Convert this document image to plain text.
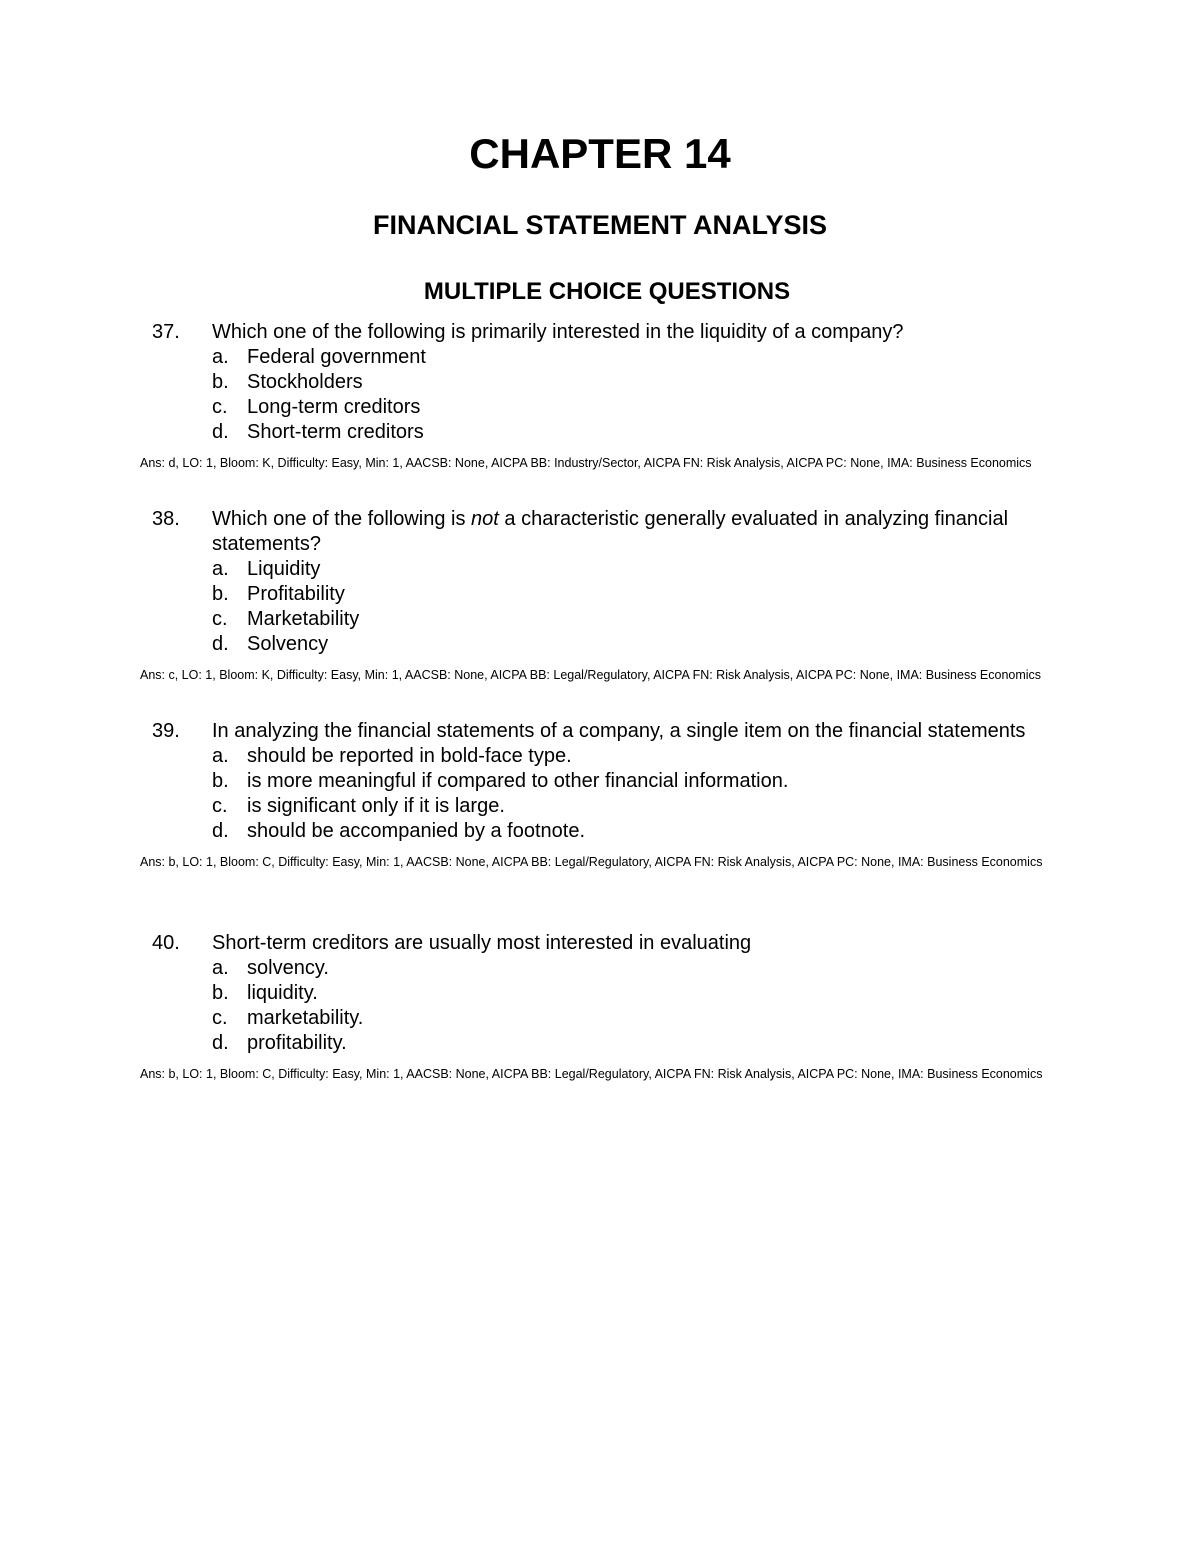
CHAPTER 14
FINANCIAL STATEMENT ANALYSIS
MULTIPLE CHOICE QUESTIONS
37. Which one of the following is primarily interested in the liquidity of a company?
a. Federal government
b. Stockholders
c. Long-term creditors
d. Short-term creditors
Ans: d, LO: 1, Bloom: K, Difficulty: Easy, Min: 1, AACSB: None, AICPA BB: Industry/Sector, AICPA FN: Risk Analysis, AICPA PC: None, IMA: Business Economics
38. Which one of the following is not a characteristic generally evaluated in analyzing financial statements?
a. Liquidity
b. Profitability
c. Marketability
d. Solvency
Ans: c, LO: 1, Bloom: K, Difficulty: Easy, Min: 1, AACSB: None, AICPA BB: Legal/Regulatory, AICPA FN: Risk Analysis, AICPA PC: None, IMA: Business Economics
39. In analyzing the financial statements of a company, a single item on the financial statements
a. should be reported in bold-face type.
b. is more meaningful if compared to other financial information.
c. is significant only if it is large.
d. should be accompanied by a footnote.
Ans: b, LO: 1, Bloom: C, Difficulty: Easy, Min: 1, AACSB: None, AICPA BB: Legal/Regulatory, AICPA FN: Risk Analysis, AICPA PC: None, IMA: Business Economics
40. Short-term creditors are usually most interested in evaluating
a. solvency.
b. liquidity.
c. marketability.
d. profitability.
Ans: b, LO: 1, Bloom: C, Difficulty: Easy, Min: 1, AACSB: None, AICPA BB: Legal/Regulatory, AICPA FN: Risk Analysis, AICPA PC: None, IMA: Business Economics
